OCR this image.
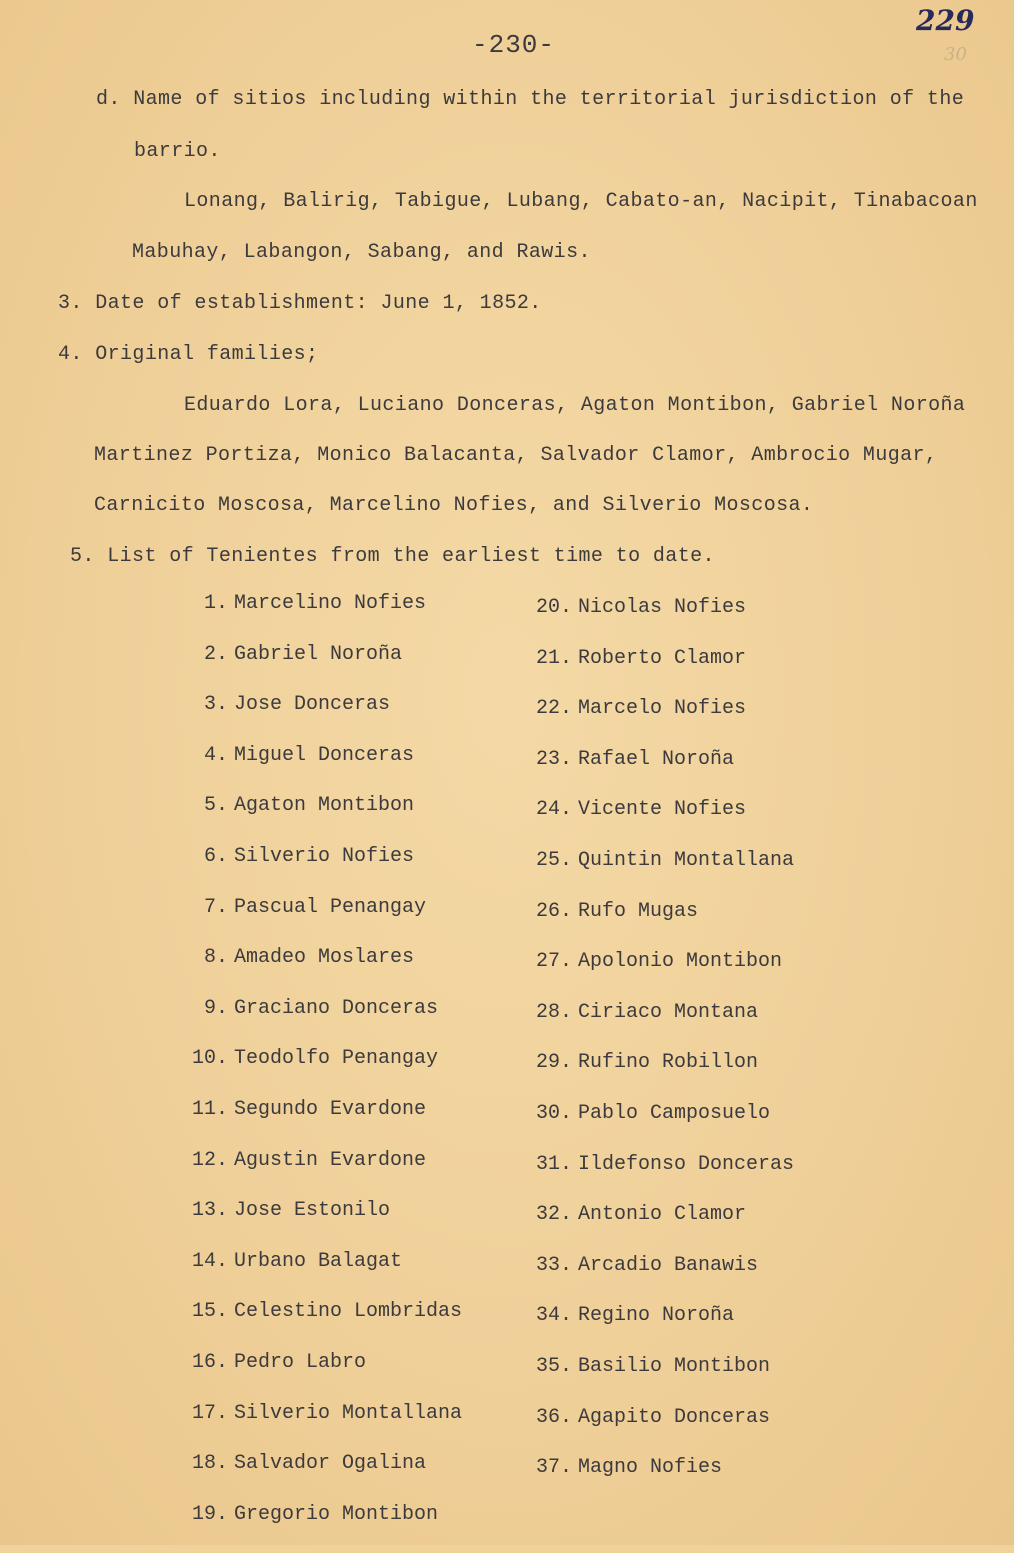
-230-
229
30
d. Name of sitios including within the territorial jurisdiction of the
barrio.
Lonang, Balirig, Tabigue, Lubang, Cabato-an, Nacipit, Tinabacoan
Mabuhay, Labangon, Sabang, and Rawis.
3. Date of establishment: June 1, 1852.
4. Original families;
Eduardo Lora, Luciano Donceras, Agaton Montibon, Gabriel Noroña
Martinez Portiza, Monico Balacanta, Salvador Clamor, Ambrocio Mugar,
Carnicito Moscosa, Marcelino Nofies, and Silverio Moscosa.
5. List of Tenientes from the earliest time to date.
1. Marcelino Nofies
2. Gabriel Noroña
3. Jose Donceras
4. Miguel Donceras
5. Agaton Montibon
6. Silverio Nofies
7. Pascual Penangay
8. Amadeo Moslares
9. Graciano Donceras
10. Teodolfo Penangay
11. Segundo Evardone
12. Agustin Evardone
13. Jose Estonilo
14. Urbano Balagat
15. Celestino Lombridas
16. Pedro Labro
17. Silverio Montallana
18. Salvador Ogalina
19. Gregorio Montibon
20. Nicolas Nofies
21. Roberto Clamor
22. Marcelo Nofies
23. Rafael Noroña
24. Vicente Nofies
25. Quintin Montallana
26. Rufo Mugas
27. Apolonio Montibon
28. Ciriaco Montana
29. Rufino Robillon
30. Pablo Camposuelo
31. Ildefonso Donceras
32. Antonio Clamor
33. Arcadio Banawis
34. Regino Noroña
35. Basilio Montibon
36. Agapito Donceras
37. Magno Nofies
